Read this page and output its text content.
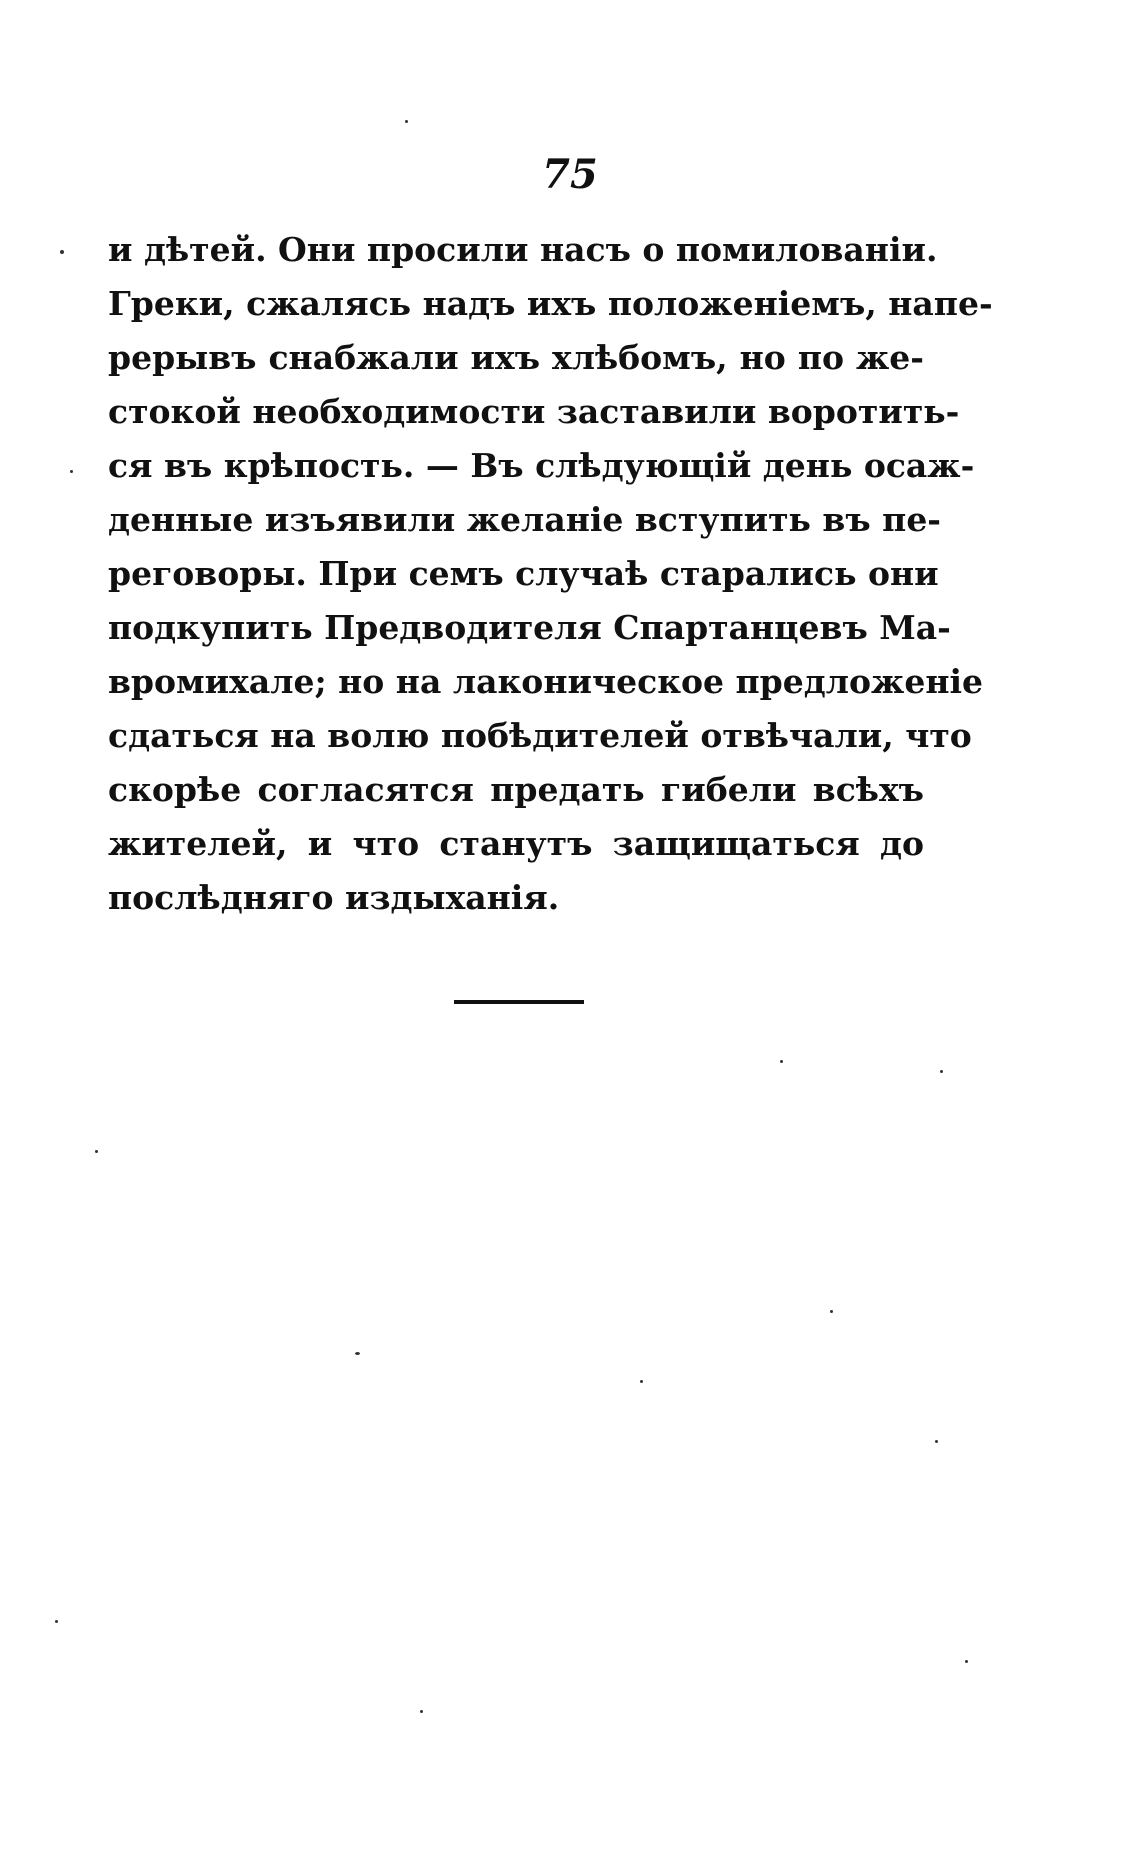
75
и дѣтей. Они просили насъ о помилованіи.
Греки, сжалясь надъ ихъ положеніемъ, напе-
рерывъ снабжали ихъ хлѣбомъ, но по же-
стокой необходимости заставили воротить-
ся въ крѣпость. — Въ слѣдующій день осаж-
денные изъявили желаніе вступить въ пе-
реговоры. При семъ случаѣ старались они
подкупить Предводителя Спартанцевъ Ма-
вромихале; но на лаконическое предложеніе
сдаться на волю побѣдителей отвѣчали, что
скорѣе согласятся предать гибели всѣхъ
жителей, и что станутъ защищаться до
послѣдняго издыханія.
